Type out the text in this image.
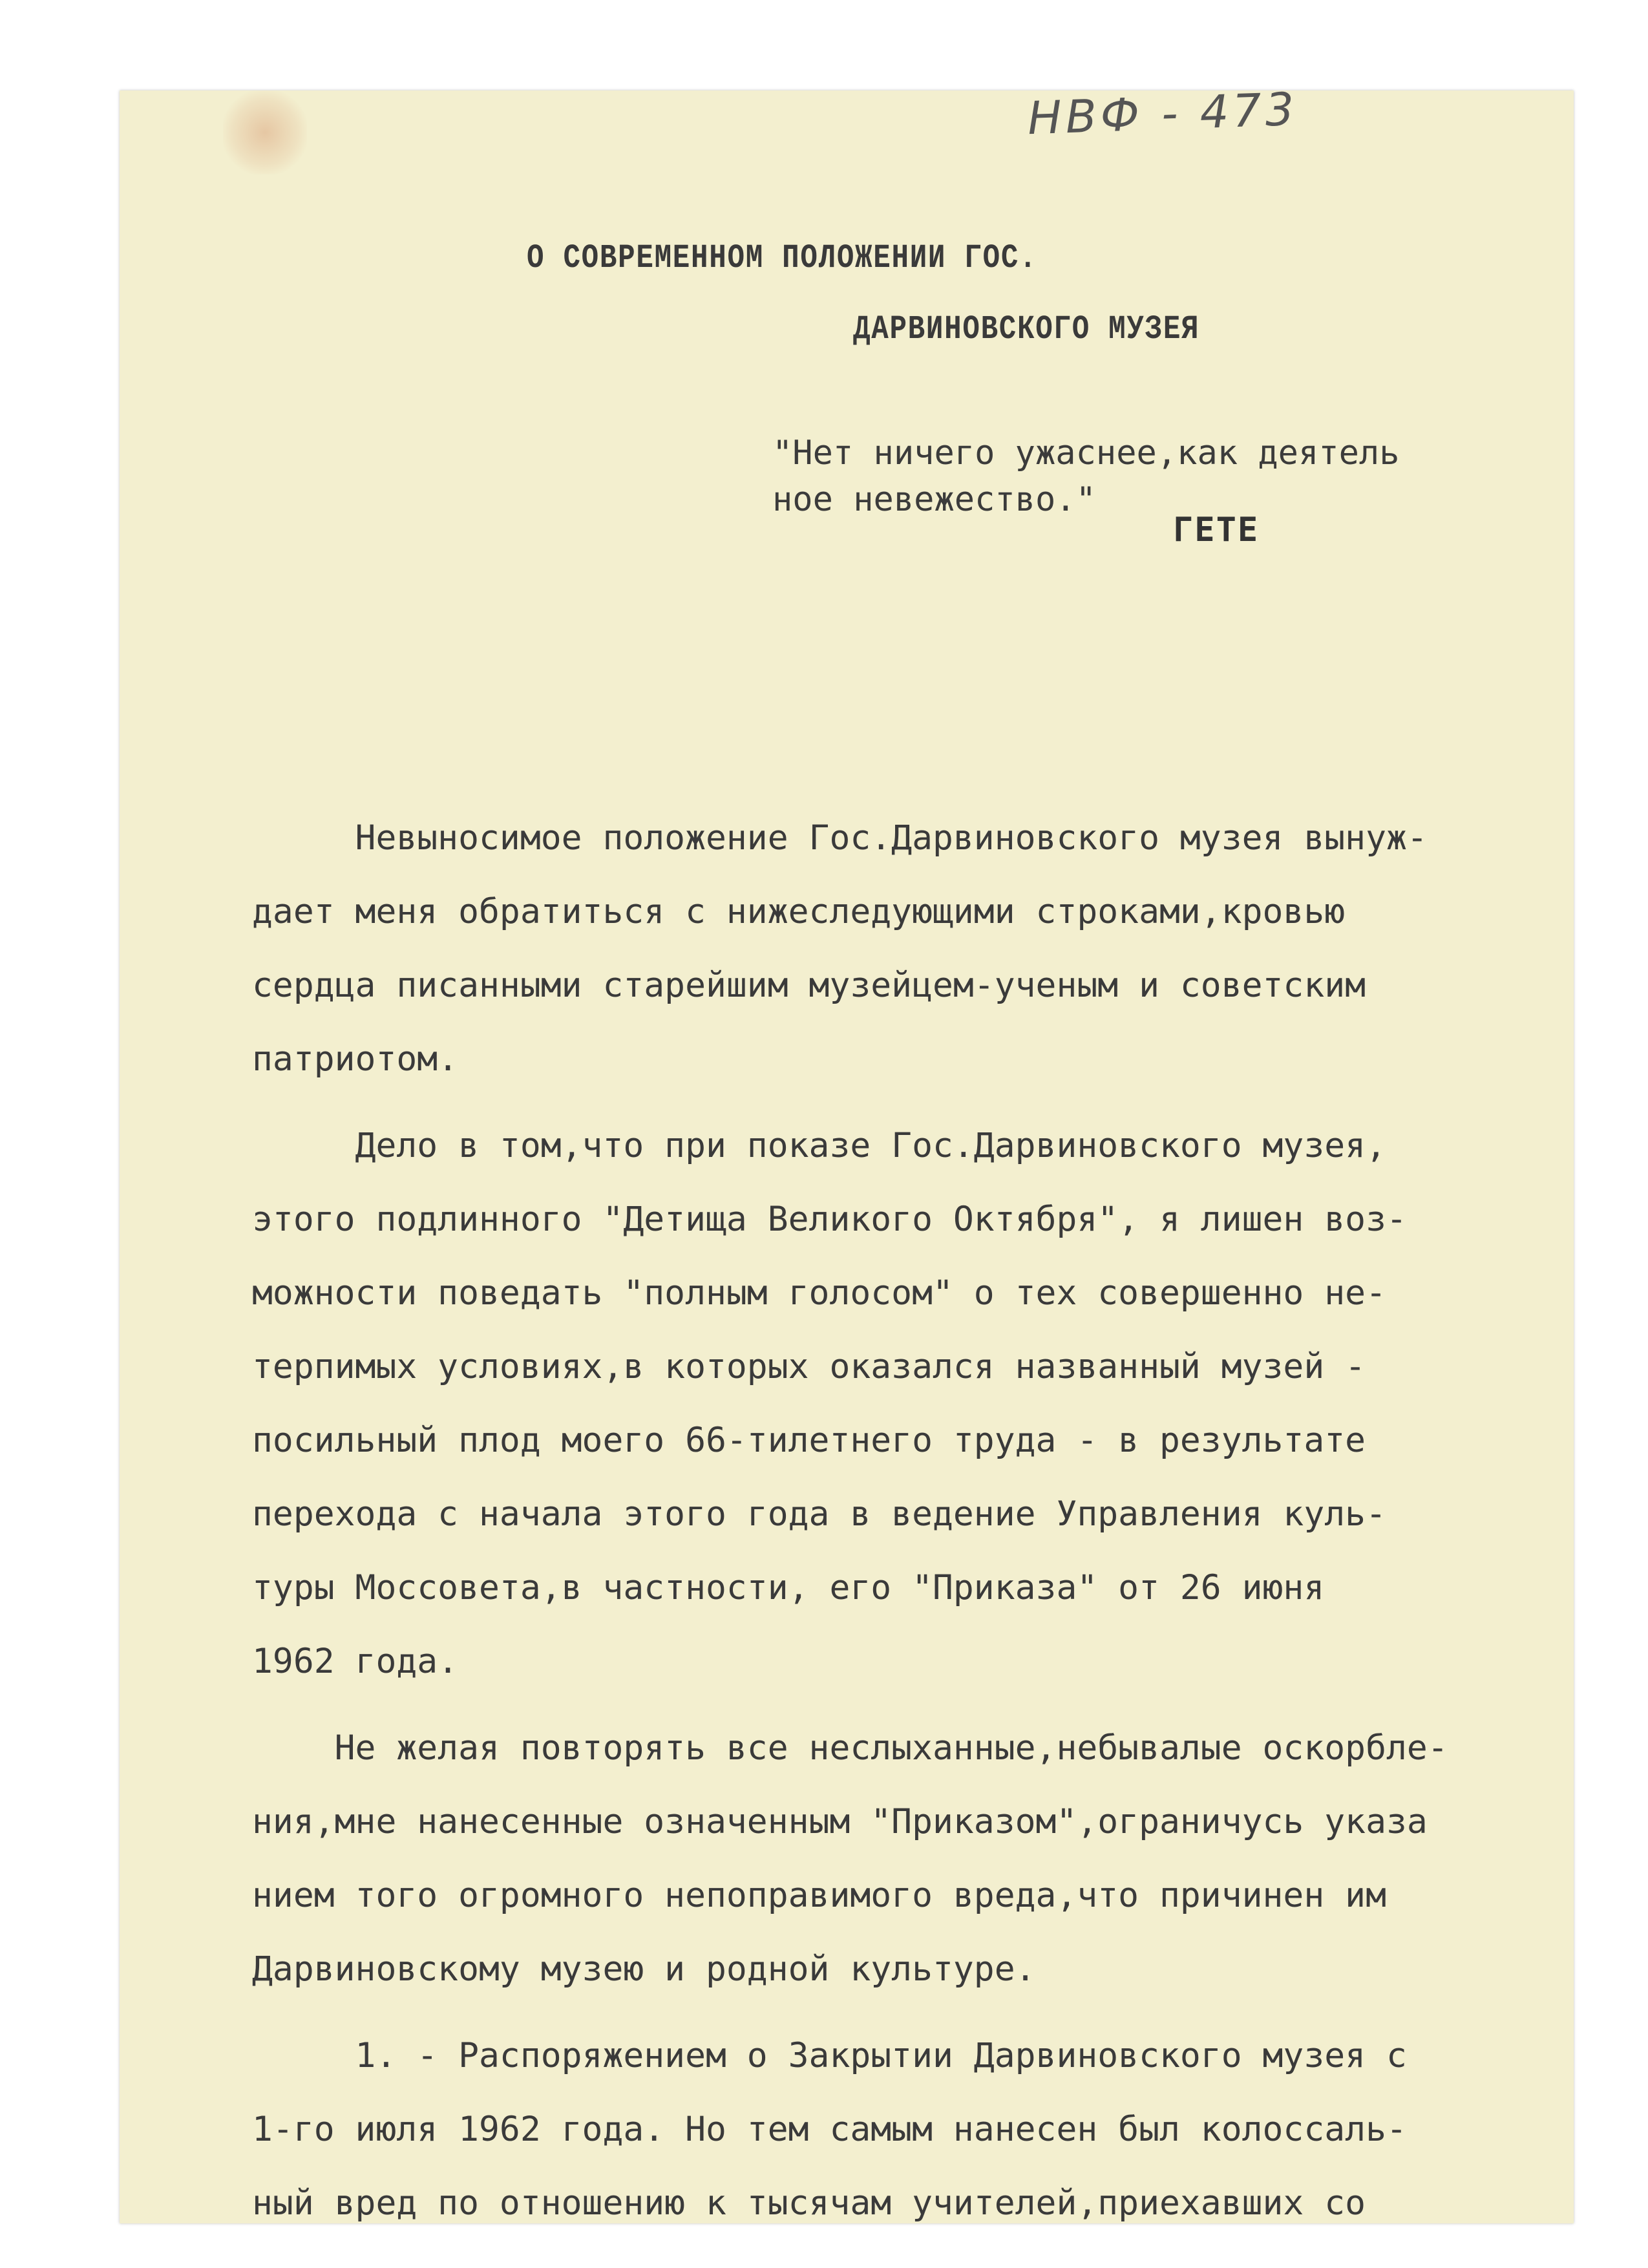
НВФ - 473
О СОВРЕМЕННОМ ПОЛОЖЕНИИ ГОС.
ДАРВИНОВСКОГО МУЗЕЯ
"Нет ничего ужаснее,как деятель
ное невежество."
ГЕТЕ
Невыносимое положение Гос.Дарвиновского музея вынуж-
дает меня обратиться с нижеследующими строками,кровью
сердца писанными старейшим музейцем-ученым и советским
патриотом.
Дело в том,что при показе Гос.Дарвиновского музея,
этого подлинного "Детища Великого Октября", я лишен воз-
можности поведать "полным голосом" о тех совершенно не-
терпимых условиях,в которых оказался названный музей -
посильный плод моего 66-тилетнего труда - в результате
перехода с начала этого года в ведение Управления куль-
туры Моссовета,в частности, его "Приказа" от 26 июня
1962 года.
Не желая повторять все неслыханные,небывалые оскорбле-
ния,мне нанесенные означенным "Приказом",ограничусь указа
нием того огромного непоправимого вреда,что причинен им
Дарвиновскому музею и родной культуре.
1. - Распоряжением о Закрытии Дарвиновского музея с
1-го июля 1962 года. Но тем самым нанесен был колоссаль-
ный вред по отношению к тысячам учителей,приехавших со
